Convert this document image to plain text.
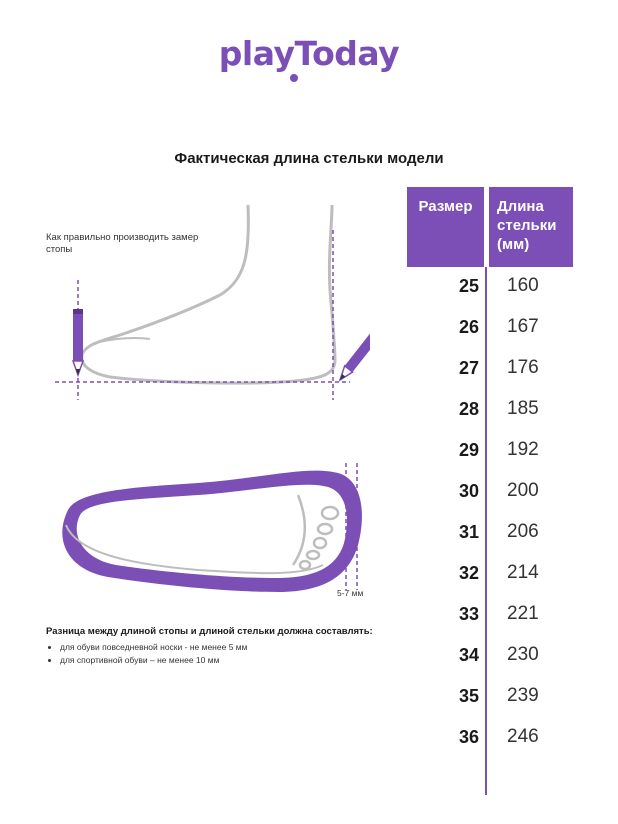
playToday
Фактическая длина стельки модели
Как правильно производить замер стопы
5-7 мм
Разница между длиной стопы и длиной стельки должна составлять:
• для обуви повседневной носки - не менее 5 мм
• для спортивной обуви – не менее 10 мм
Размер	Длина
стельки
(мм)
25 160
26 167
27 176
28 185
29 192
30 200
31 206
32 214
33 221
34 230
35 239
36 246
